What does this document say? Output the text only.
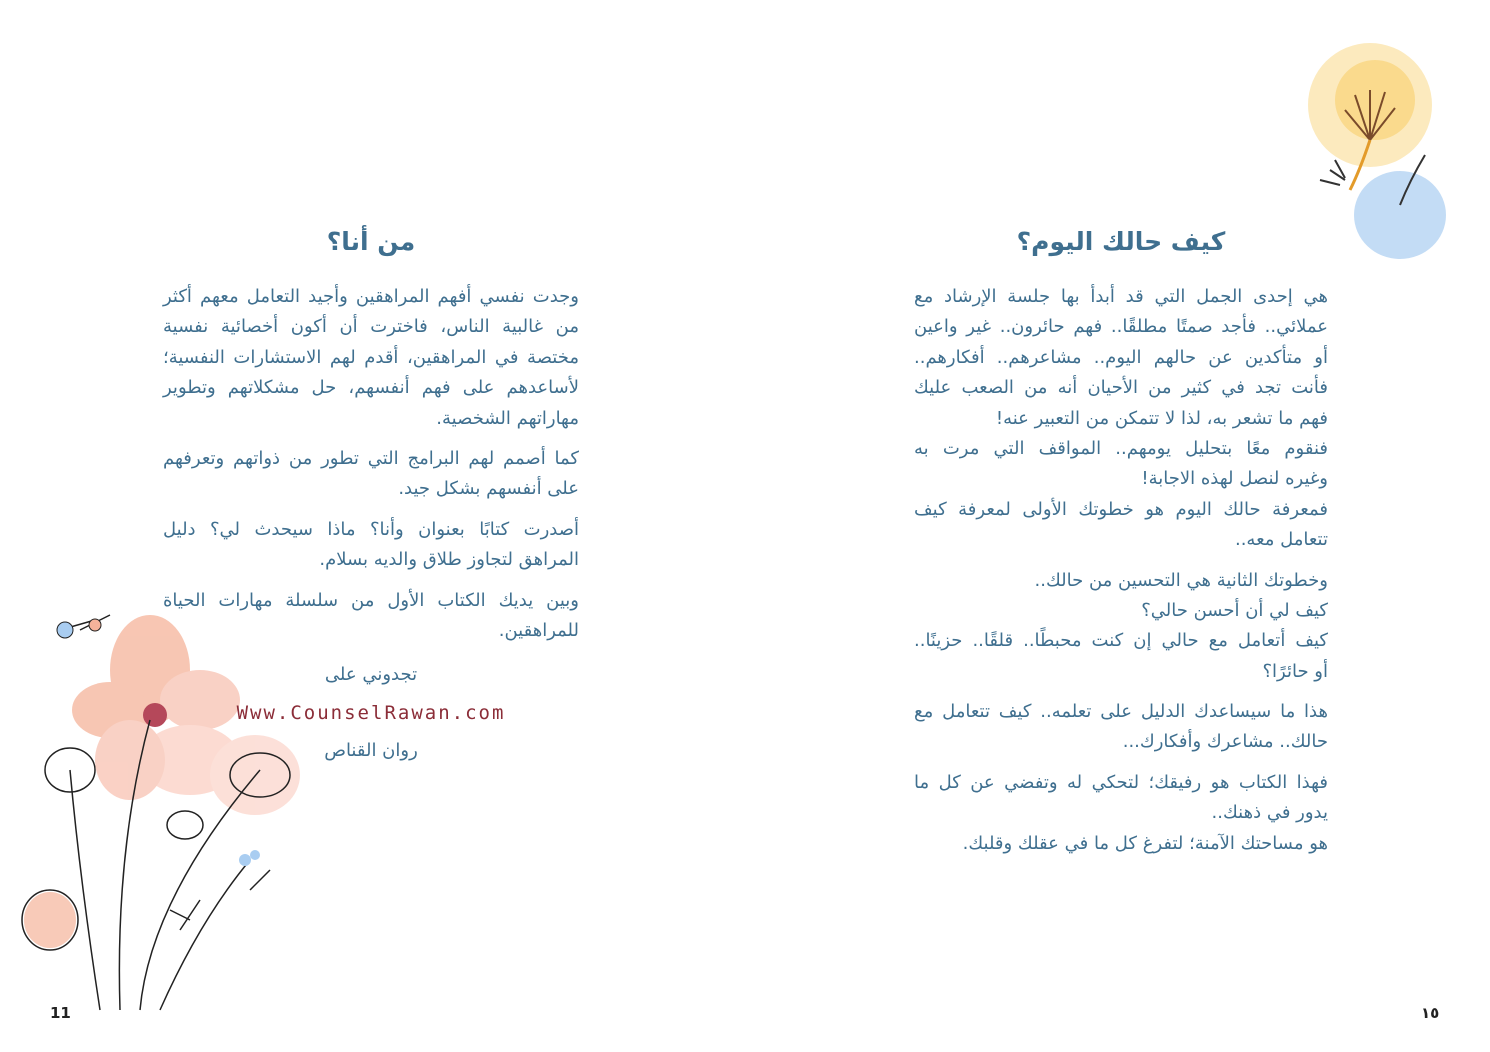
كيف حالك اليوم؟
هي إحدى الجمل التي قد أبدأ بها جلسة الإرشاد مع
عملائي.. فأجد صمتًا مطلقًا.. فهم حائرون.. غير واعين
أو متأكدين عن حالهم اليوم.. مشاعرهم.. أفكارهم..
فأنت تجد في كثير من الأحيان أنه من الصعب عليك
فهم ما تشعر به، لذا لا تتمكن من التعبير عنه!
فنقوم معًا بتحليل يومهم.. المواقف التي مرت به
وغيره لنصل لهذه الاجابة!
فمعرفة حالك اليوم هو خطوتك الأولى لمعرفة كيف
تتعامل معه..
وخطوتك الثانية هي التحسين من حالك..
كيف لي أن أحسن حالي؟
كيف أتعامل مع حالي إن كنت محبطًا.. قلقًا.. حزينًا..
أو حائرًا؟
هذا ما سيساعدك الدليل على تعلمه.. كيف تتعامل مع
حالك.. مشاعرك وأفكارك...
فهذا الكتاب هو رفيقك؛ لتحكي له وتفضي عن كل ما
يدور في ذهنك..
هو مساحتك الآمنة؛ لتفرغ كل ما في عقلك وقلبك.
من أنا؟
وجدت نفسي أفهم المراهقين وأجيد التعامل معهم أكثر
من غالبية الناس، فاخترت أن أكون أخصائية نفسية
مختصة في المراهقين، أقدم لهم الاستشارات النفسية؛
لأساعدهم على فهم أنفسهم، حل مشكلاتهم وتطوير
مهاراتهم الشخصية.
كما أصمم لهم البرامج التي تطور من ذواتهم وتعرفهم
على أنفسهم بشكل جيد.
أصدرت كتابًا بعنوان وأنا؟ ماذا سيحدث لي؟ دليل
المراهق لتجاوز طلاق والديه بسلام.
وبين يديك الكتاب الأول من سلسلة مهارات الحياة
للمراهقين.
تجدوني على
Www.CounselRawan.com
روان القناص
11	١٥
